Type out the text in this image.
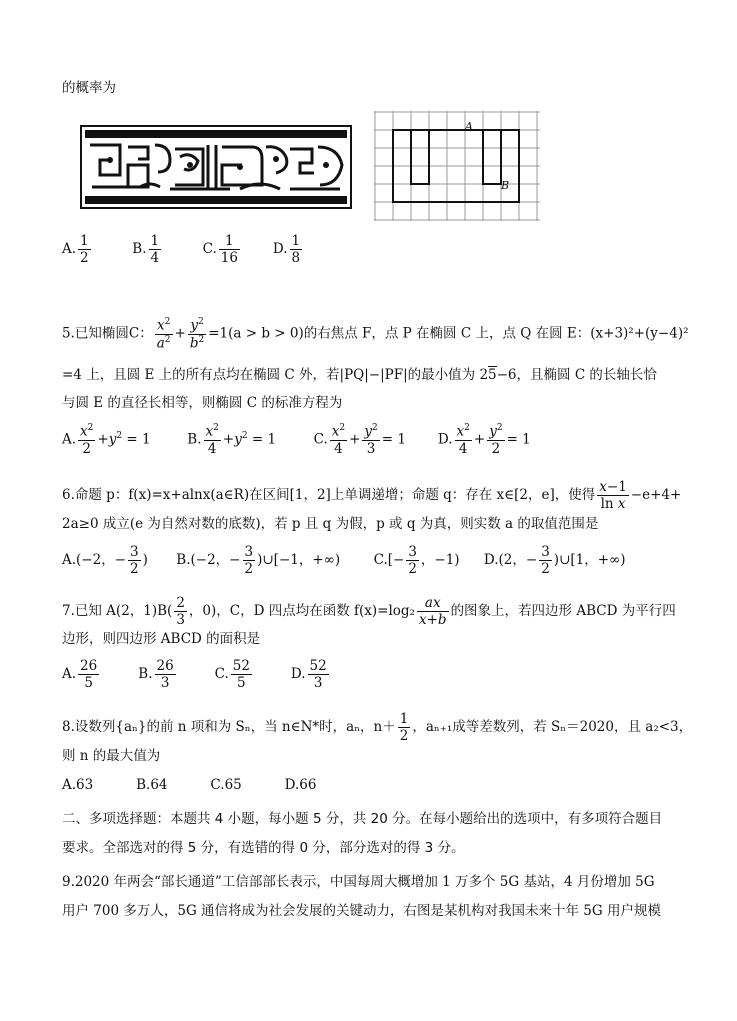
的概率为
A
B
A. $\frac{1}{2}$	B. $\frac{1}{4}$	C. $\frac{1}{16} D$. $\frac{1}{8}$
5.已知椭圆C： $\frac{x^2}{a^2} + \frac{y^2}{b^2} =1(a > b > 0)$的右焦点 F，点 P 在椭圆 C 上，点 Q 在圆 E：(x+3)²+(y−4)²
=4 上，且圆 E 上的所有点均在椭圆 C 外，若|PQ|−|PF|的最小值为 25−6，且椭圆 C 的长轴长恰
与圆 E 的直径长相等，则椭圆 C 的标准方程为
A. $\frac{x^2}{2} +y^2 = 1$	B. $\frac{x^2}{4} +y^2 = 1$	C. $\frac{x^2}{4} + \frac{y^2}{3} = 1$ D. $\frac{x^2}{4} + \frac{y^2}{2} = 1$
6.命题 p：f(x)=x+alnx(a∈R)在区间[1，2]上单调递增；命题 q：存在 x∈[2，e]，使得 $\frac{x-1}{\text{ln x}} -e+4+$
2a≥0 成立(e 为自然对数的底数)，若 p 且 q 为假，p 或 q 为真，则实数 a 的取值范围是
A.(−2，− $\frac{3}{2}$ ) B.(−2，− $\frac{3}{2}$ )∪[−1，+∞) $C.[- \frac{3}{2}$ ，−1) D.(2，− $\frac{3}{2}$ )∪[1，+∞)
7.已知 A(2，$1)B( \frac{2}{3}$ ，0)，C，D 四点均在函数 $f(x)=\log_2 \frac{ax}{x+b}$ 的图象上，若四边形 ABCD 为平行四
边形，则四边形 ABCD 的面积是
A. $\frac{26}{5}$	B. $\frac{26}{3}$	C. $\frac{52}{5}$	D. $\frac{52}{3}$
8.设数列{aₙ}的前 n 项和为 Sₙ，当 n∈N*时，aₙ，$n+ \frac{1}{2}$ ，aₙ₊₁成等差数列，若 Sₙ＝2020，且 a₂<3，
则 n 的最大值为
A.63          B.64          C.65          D.66
二、多项选择题：本题共 4 小题，每小题 5 分，共 20 分。在每小题给出的选项中，有多项符合题目
要求。全部选对的得 5 分，有选错的得 0 分，部分选对的得 3 分。
9.2020 年两会“部长通道”工信部部长表示，中国每周大概增加 1 万多个 5G 基站，4 月份增加 5G
用户 700 多万人，5G 通信将成为社会发展的关键动力，右图是某机构对我国未来十年 5G 用户规模
